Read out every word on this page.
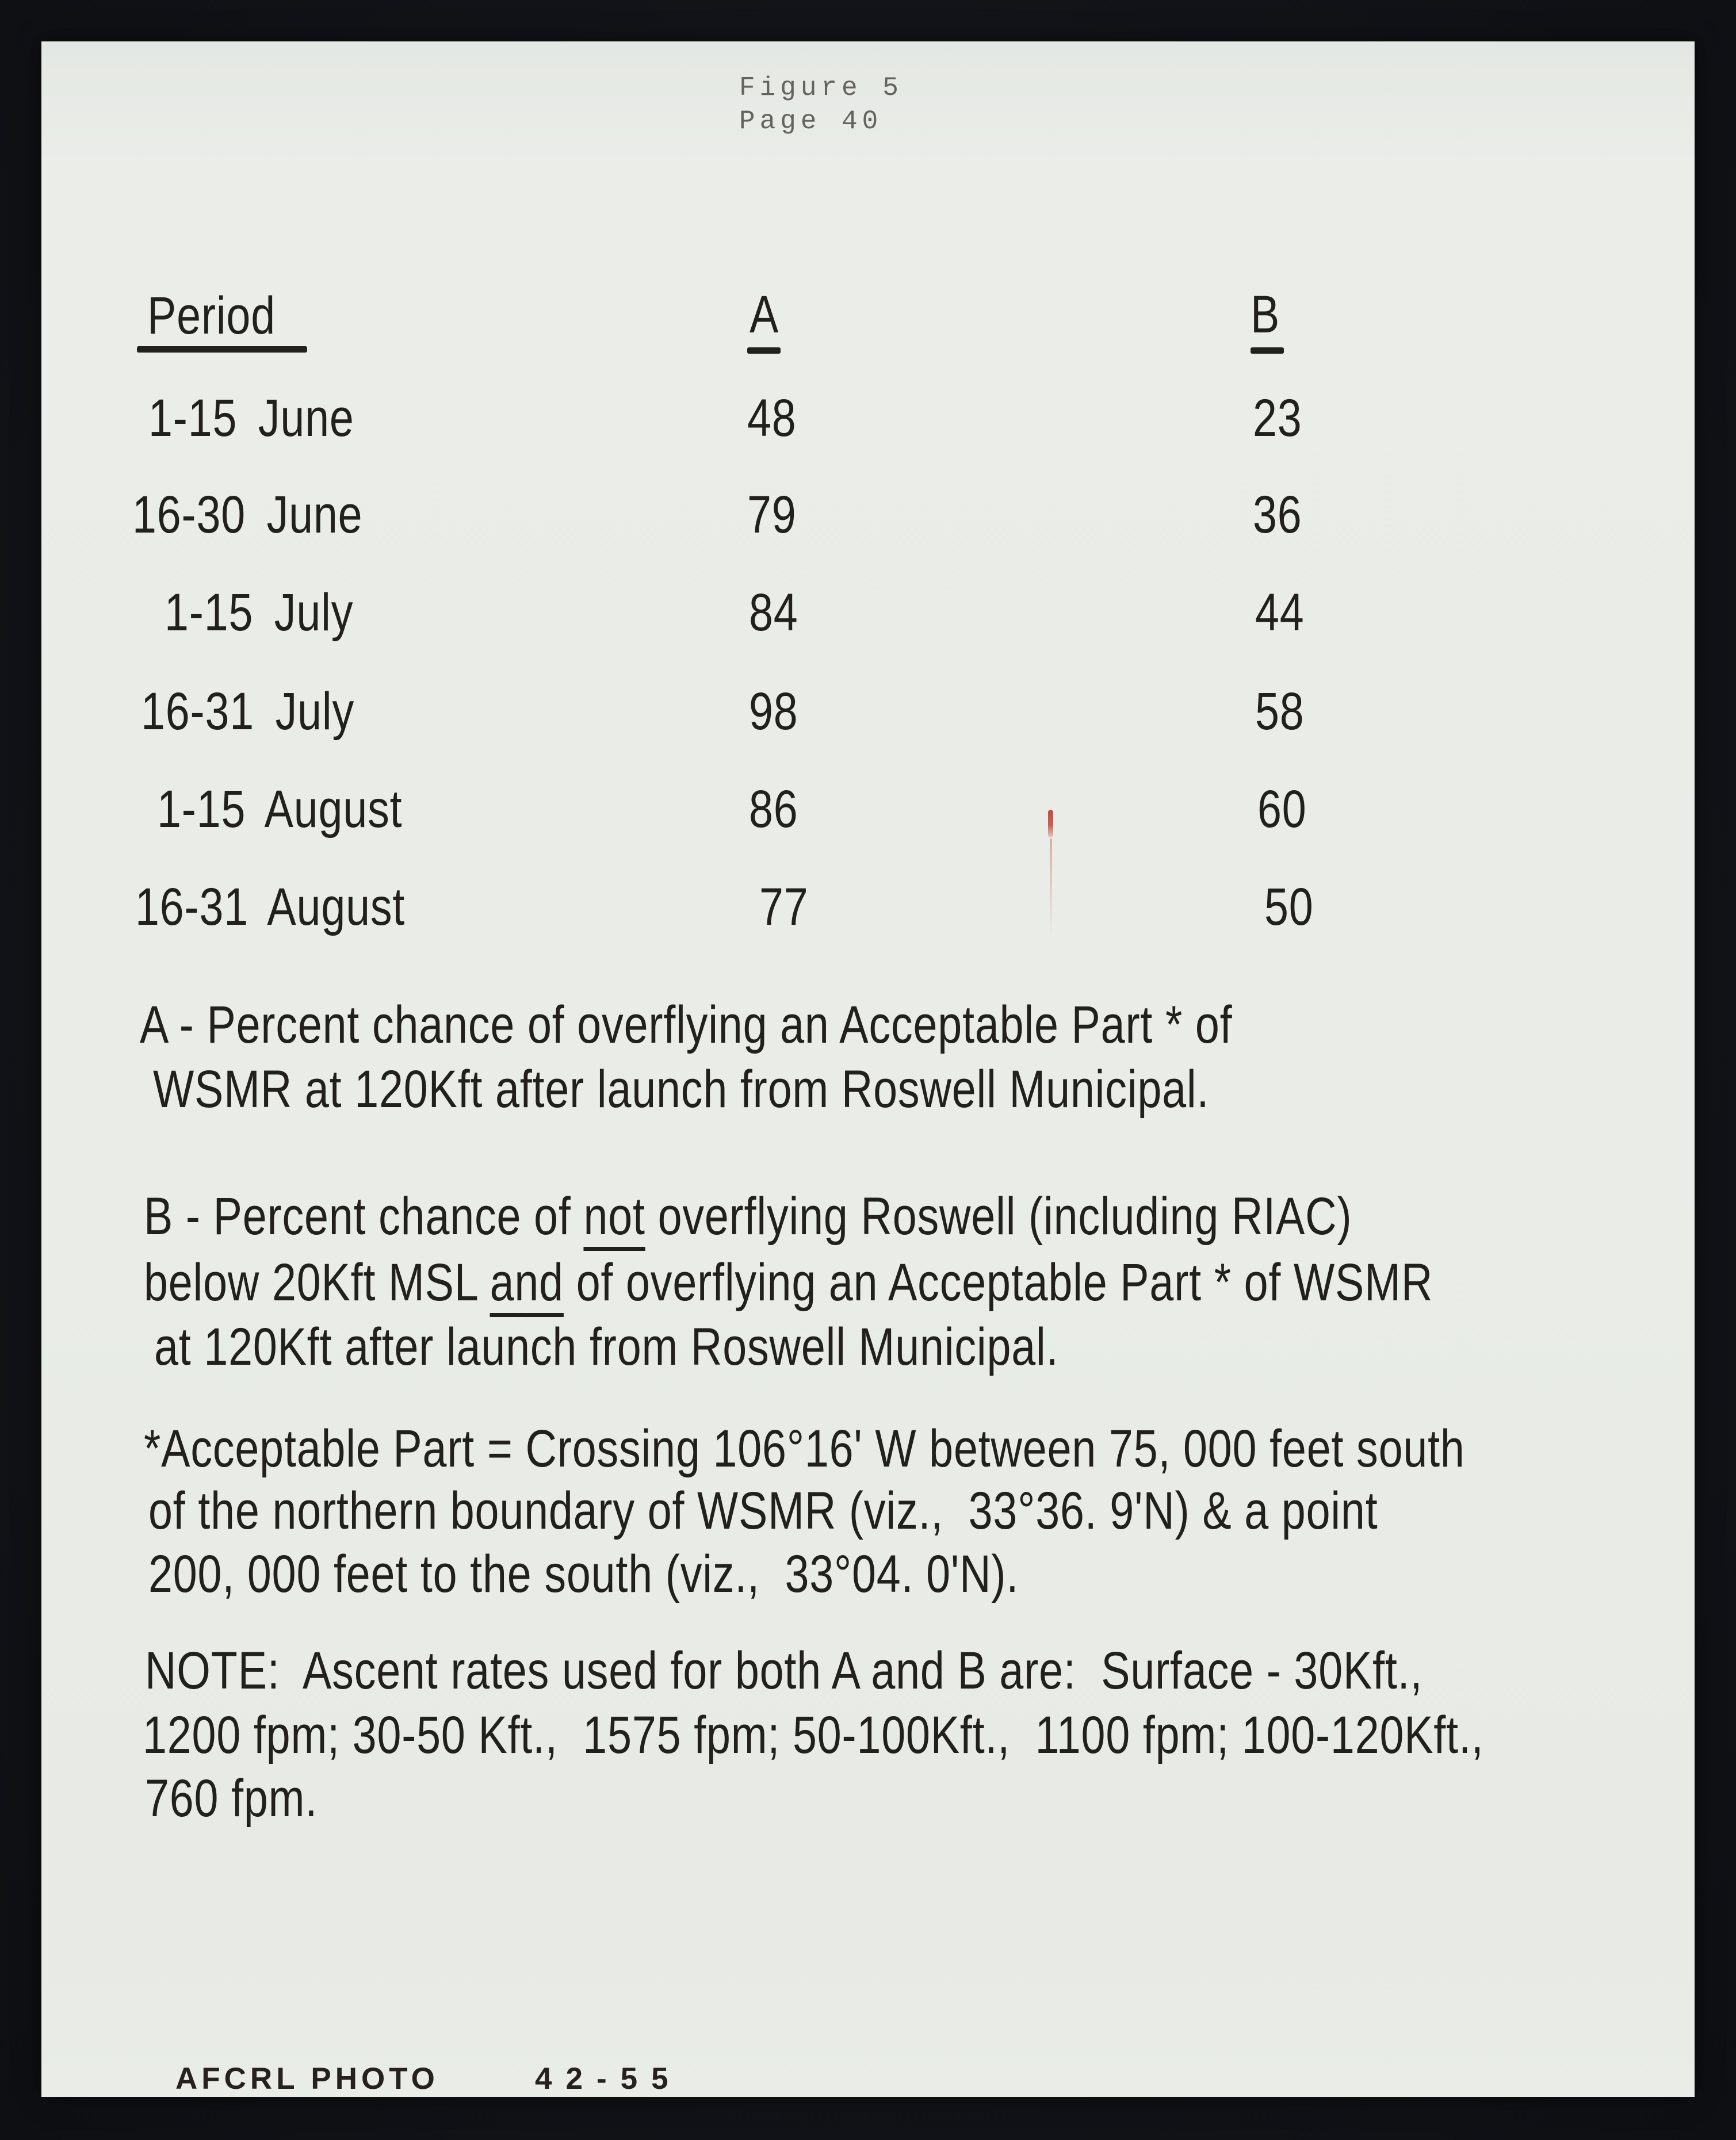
Figure 5
Page 40
Period	A	B
1-15 June	48	23
16-30 June	79	36
1-15 July	84	44
16-31 July	98	58
1-15 August	86	60
16-31 August	77	50
A - Percent chance of overflying an Acceptable Part * of
WSMR at 120Kft after launch from Roswell Municipal.
B - Percent chance of not overflying Roswell (including RIAC)
below 20Kft MSL and of overflying an Acceptable Part * of WSMR
at 120Kft after launch from Roswell Municipal.
*Acceptable Part = Crossing 106°16' W between 75, 000 feet south
of the northern boundary of WSMR (viz.,  33°36. 9'N) & a point
200, 000 feet to the south (viz.,  33°04. 0'N).
NOTE:  Ascent rates used for both A and B are:  Surface - 30Kft.,
1200 fpm; 30-50 Kft.,  1575 fpm; 50-100Kft.,  1100 fpm; 100-120Kft.,
760 fpm.
AFCRL PHOTO	42-55
